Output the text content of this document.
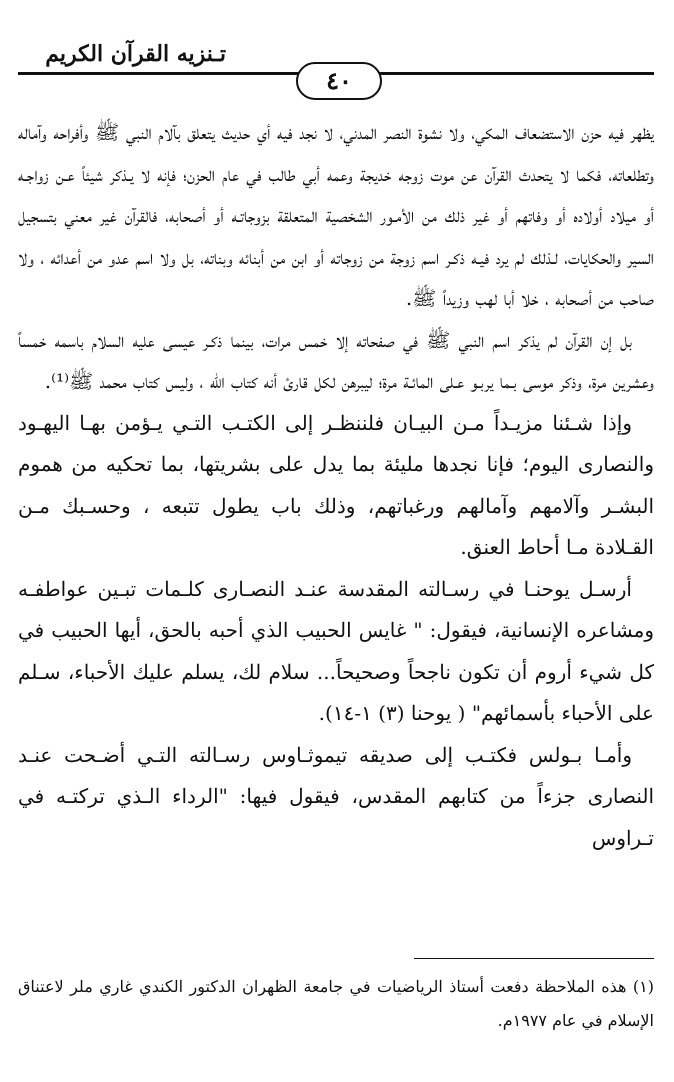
تـنزيه القرآن الكريم
٤٠

يظهر فيه حزن الاستضعاف المكي، ولا نشوة النصر المدني، لا نجد فيه أي حديث يتعلق بآلام النبي ﷺ وأفراحه وآماله وتطلعاته، فكما لا يتحدث القرآن عن موت زوجه خديجة وعمه أبي طالب في عام الحزن؛ فإنه لا يـذكر شيئاً عـن زواجـه أو ميلاد أولاده أو وفاتهم أو غير ذلك من الأمـور الشخصية المتعلقة بزوجاتـه أو أصحابه، فالقرآن غير معني بتسجيل السير والحكايات، لـذلك لم يرد فيـه ذكـر اسم زوجة من زوجاته أو ابن من أبنائه وبناته، بل ولا اسم عدو من أعدائه ، ولا صاحب من أصحابه ، خلا أبا لهب وزيداً ﷺ.

بل إن القرآن لم يذكر اسم النبي ﷺ في صفحاته إلا خمس مرات، بينما ذكـر عيسى عليه السلام باسمه خمساً وعشرين مرة، وذكر موسى بـما يربـو عـلى المائـة مرة؛ ليبرهن لكل قارئ أنه كتاب الله ، وليس كتاب محمد ﷺ⁽¹⁾.

وإذا شـئنا مزيـداً مـن البيـان فلننظـر إلى الكتـب التـي يـؤمن بهـا اليهـود والنصارى اليوم؛ فإنا نجدها مليئة بما يدل على بشريتها، بما تحكيه من هموم البشـر وآلامهم وآمالهم ورغباتهم، وذلك باب يطول تتبعه ، وحسـبك مـن القـلادة مـا أحاط العنق.

أرسـل يوحنـا في رسـالته المقدسة عنـد النصـارى كلـمات تبـين عواطفـه ومشاعره الإنسانية، فيقول: " غايس الحبيب الذي أحبه بالحق، أيها الحبيب في كل شيء أروم أن تكون ناجحاً وصحيحاً... سلام لك، يسلم عليك الأحباء، سـلم على الأحباء بأسمائهم" ( يوحنا (٣) ١-١٤).

وأمـا بـولس فكتـب إلى صديقه تيموثـاوس رسـالته التـي أضـحت عنـد النصارى جزءاً من كتابهم المقدس، فيقول فيها: "الرداء الـذي تركتـه في تـراوس

(١) هذه الملاحظة دفعت أستاذ الرياضيات في جامعة الظهران الدكتور الكندي غاري ملر لاعتناق الإسلام في عام ١٩٧٧م.
